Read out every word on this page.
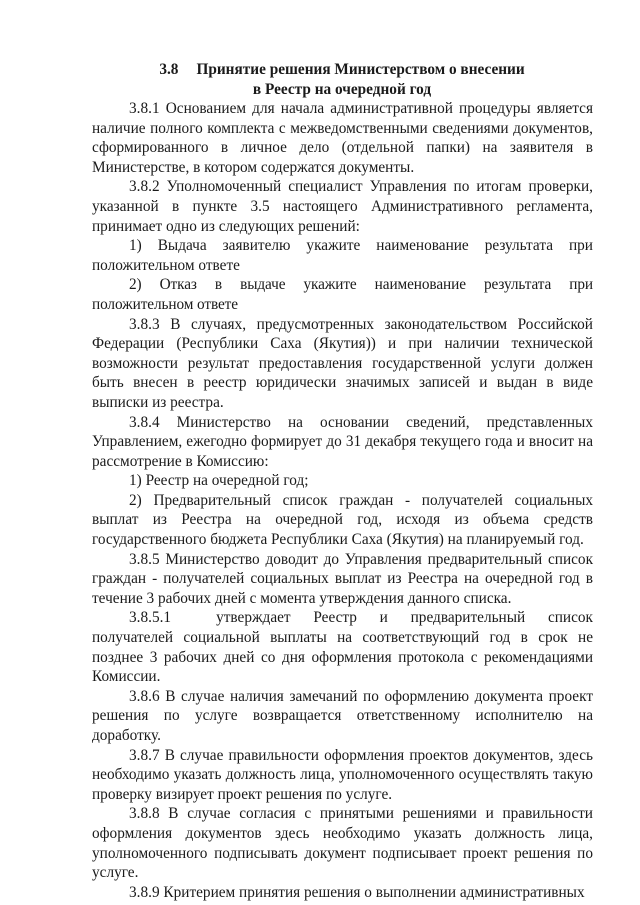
3.8 Принятие решения Министерством о внесении
в Реестр на очередной год

3.8.1 Основанием для начала административной процедуры является наличие полного комплекта с межведомственными сведениями документов, сформированного в личное дело (отдельной папки) на заявителя в Министерстве, в котором содержатся документы.

3.8.2 Уполномоченный специалист Управления по итогам проверки, указанной в пункте 3.5 настоящего Административного регламента, принимает одно из следующих решений:

1) Выдача заявителю укажите наименование результата при положительном ответе

2) Отказ в выдаче укажите наименование результата при положительном ответе

3.8.3 В случаях, предусмотренных законодательством Российской Федерации (Республики Саха (Якутия)) и при наличии технической возможности результат предоставления государственной услуги должен быть внесен в реестр юридически значимых записей и выдан в виде выписки из реестра.

3.8.4 Министерство на основании сведений, представленных Управлением, ежегодно формирует до 31 декабря текущего года и вносит на рассмотрение в Комиссию:

1) Реестр на очередной год;

2) Предварительный список граждан - получателей социальных выплат из Реестра на очередной год, исходя из объема средств государственного бюджета Республики Саха (Якутия) на планируемый год.

3.8.5 Министерство доводит до Управления предварительный список граждан - получателей социальных выплат из Реестра на очередной год в течение 3 рабочих дней с момента утверждения данного списка.

3.8.5.1	утверждает Реестр и предварительный список получателей социальной выплаты на соответствующий год в срок не позднее 3 рабочих дней со дня оформления протокола с рекомендациями Комиссии.

3.8.6 В случае наличия замечаний по оформлению документа проект решения по услуге возвращается ответственному исполнителю на доработку.

3.8.7 В случае правильности оформления проектов документов, здесь необходимо указать должность лица, уполномоченного осуществлять такую проверку визирует проект решения по услуге.

3.8.8 В случае согласия с принятыми решениями и правильности оформления документов здесь необходимо указать должность лица, уполномоченного подписывать документ подписывает проект решения по услуге.

3.8.9 Критерием принятия решения о выполнении административных
